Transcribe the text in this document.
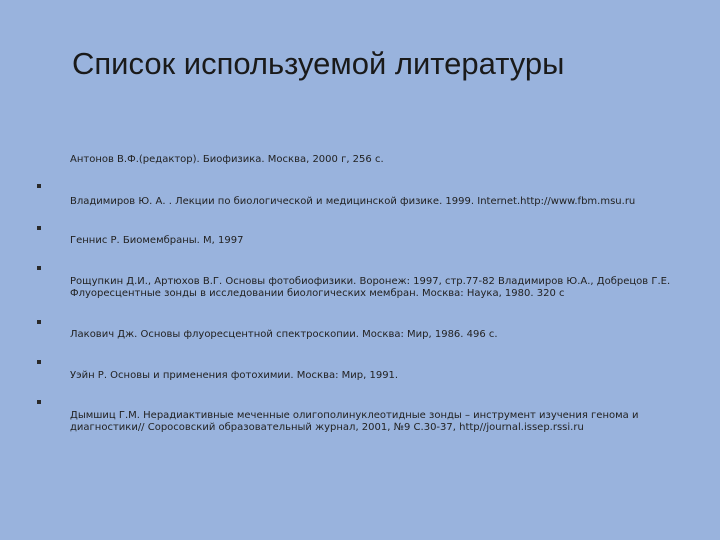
Список используемой литературы
Антонов В.Ф.(редактор). Биофизика. Москва, 2000 г, 256 с.
Владимиров Ю. А. . Лекции по биологической и медицинской физике. 1999. Internet.http://www.fbm.msu.ru
Геннис Р. Биомембраны. М, 1997
Рощупкин Д.И., Артюхов В.Г. Основы фотобиофизики. Воронеж: 1997, стр.77-82 Владимиров Ю.А., Добрецов Г.Е. Флуоресцентные зонды в исследовании биологических мембран. Москва: Наука, 1980. 320 с
Лакович Дж. Основы флуоресцентной спектроскопии. Москва: Мир, 1986. 496 с.
Уэйн Р. Основы и применения фотохимии. Москва: Мир, 1991.
Дымшиц Г.М. Нерадиактивные меченные олигополинуклеотидные зонды – инструмент изучения генома и диагностики// Соросовский образовательный журнал, 2001, №9 С.30-37, http//journal.issep.rssi.ru
